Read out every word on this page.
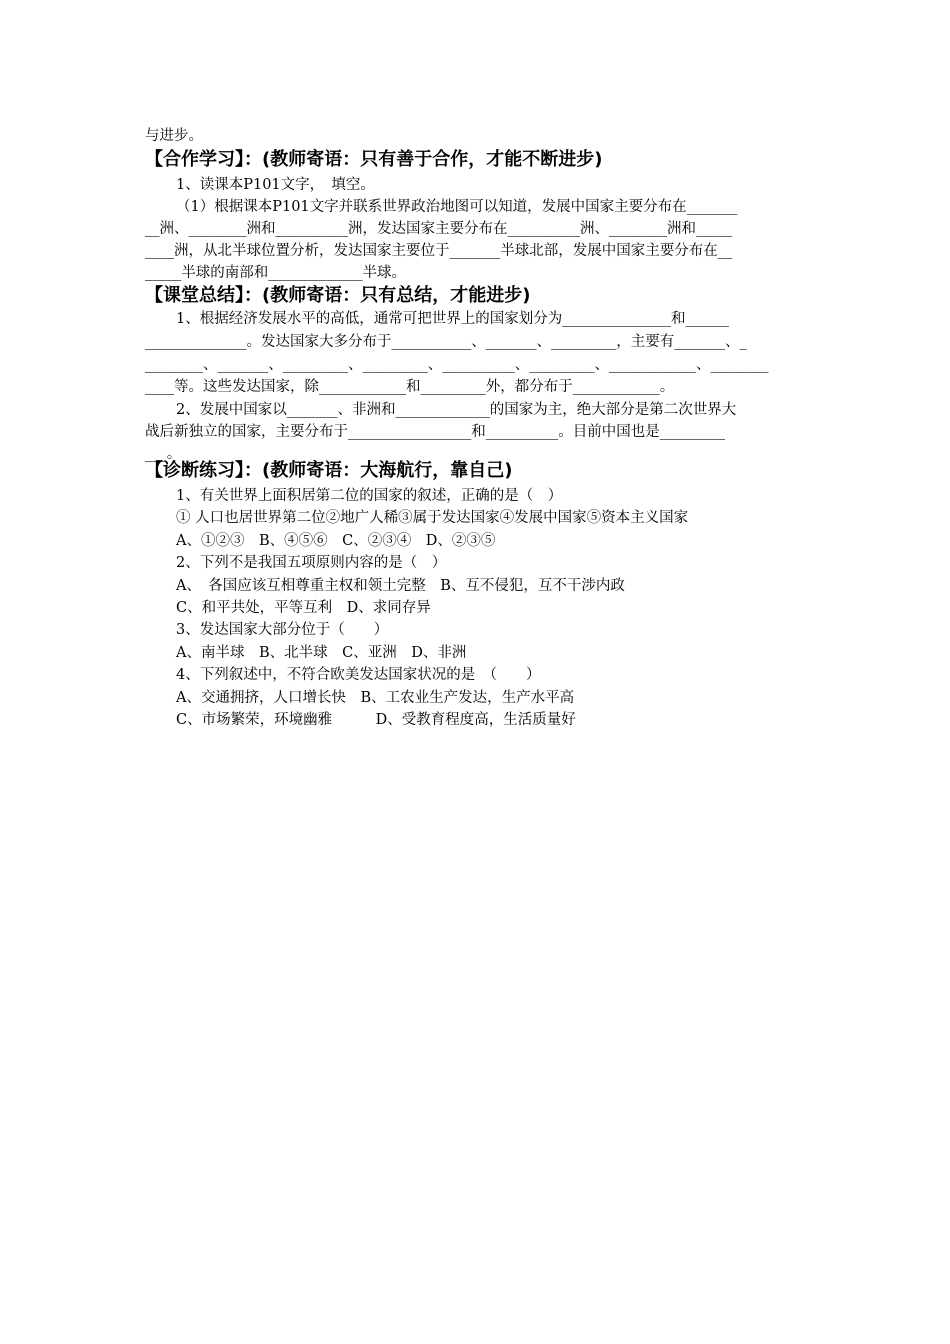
与进步。
【合作学习】：(教师寄语：只有善于合作，才能不断进步)
1、读课本P101文字，　填空。
（1）根据课本P101文字并联系世界政治地图可以知道，发展中国家主要分布在_______
__洲、________洲和__________洲，发达国家主要分布在__________洲、________洲和_____
____洲，从北半球位置分析，发达国家主要位于_______半球北部，发展中国家主要分布在__
_____半球的南部和_____________半球。
【课堂总结】：(教师寄语：只有总结，才能进步)
1、根据经济发展水平的高低，通常可把世界上的国家划分为_______________和______
______________。发达国家大多分布于___________、_______、_________，主要有_______、_
________、_______、_________、_________、__________、_________、____________、________
____等。这些发达国家，除____________和_________外，都分布于____________。
2、发展中国家以_______、非洲和_____________的国家为主，绝大部分是第二次世界大
战后新独立的国家，主要分布于_________________和__________。目前中国也是_________
___。
【诊断练习】：(教师寄语：大海航行，靠自己)
1、有关世界上面积居第二位的国家的叙述，正确的是（　）
① 人口也居世界第二位②地广人稀③属于发达国家④发展中国家⑤资本主义国家
A、①②③　B、④⑤⑥　C、②③④　D、②③⑤
2、下列不是我国五项原则内容的是（　）
A、　各国应该互相尊重主权和领土完整　B、互不侵犯，互不干涉内政
C、和平共处，平等互利　D、求同存异
3、发达国家大部分位于（　　）
A、南半球　B、北半球　C、亚洲　D、非洲
4、下列叙述中，不符合欧美发达国家状况的是　（　　）
A、交通拥挤，人口增长快　B、工农业生产发达，生产水平高
C、市场繁荣，环境幽雅　　　D、受教育程度高，生活质量好
